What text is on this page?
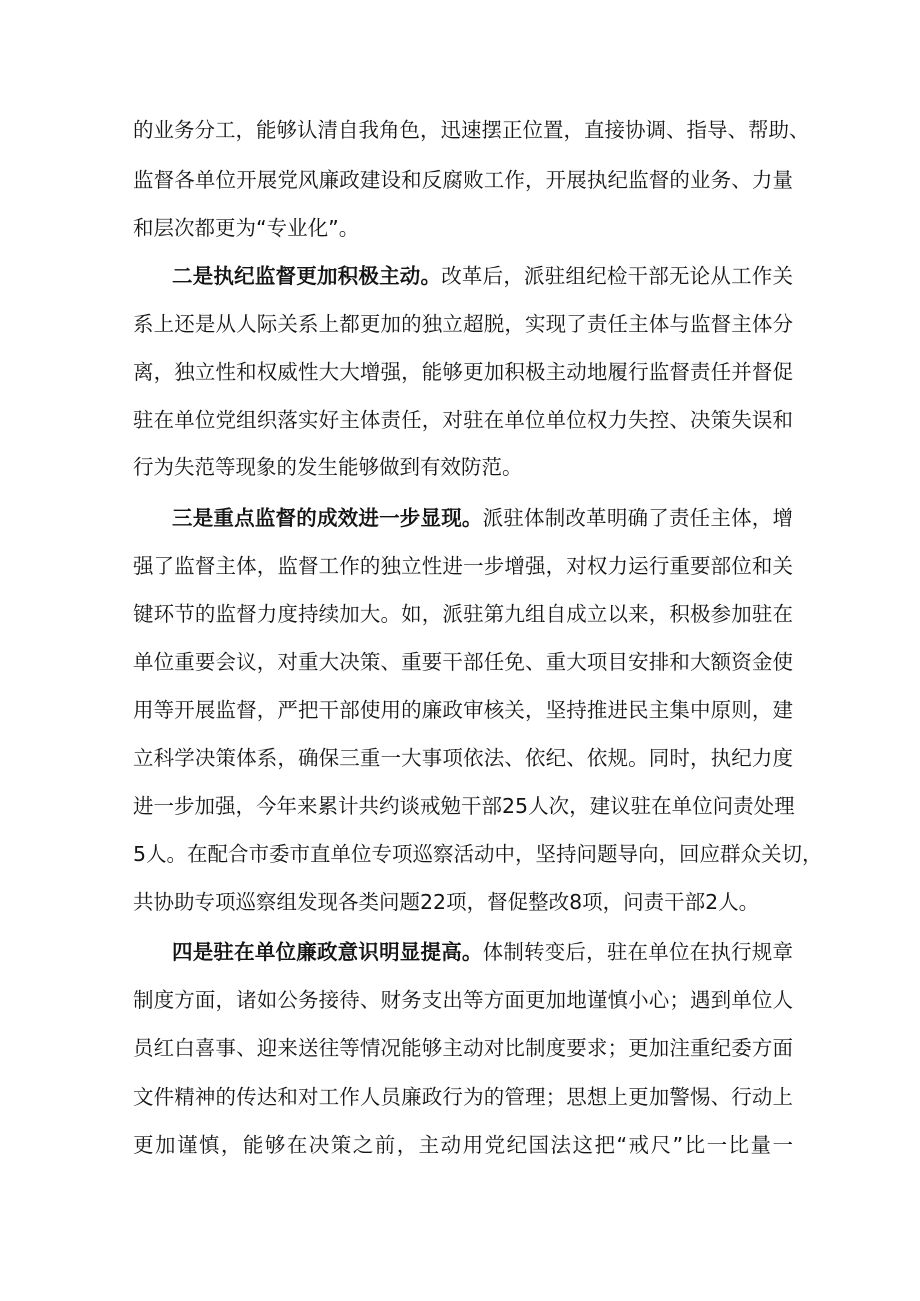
的业务分工，能够认清自我角色，迅速摆正位置，直接协调、指导、帮助、
监督各单位开展党风廉政建设和反腐败工作，开展执纪监督的业务、力量
和层次都更为“专业化”。
二是执纪监督更加积极主动。改革后，派驻组纪检干部无论从工作关
系上还是从人际关系上都更加的独立超脱，实现了责任主体与监督主体分
离，独立性和权威性大大增强，能够更加积极主动地履行监督责任并督促
驻在单位党组织落实好主体责任，对驻在单位单位权力失控、决策失误和
行为失范等现象的发生能够做到有效防范。
三是重点监督的成效进一步显现。派驻体制改革明确了责任主体，增
强了监督主体，监督工作的独立性进一步增强，对权力运行重要部位和关
键环节的监督力度持续加大。如，派驻第九组自成立以来，积极参加驻在
单位重要会议，对重大决策、重要干部任免、重大项目安排和大额资金使
用等开展监督，严把干部使用的廉政审核关，坚持推进民主集中原则，建
立科学决策体系，确保三重一大事项依法、依纪、依规。同时，执纪力度
进一步加强，今年来累计共约谈戒勉干部25人次，建议驻在单位问责处理
5人。在配合市委市直单位专项巡察活动中，坚持问题导向，回应群众关切，
共协助专项巡察组发现各类问题22项，督促整改8项，问责干部2人。
四是驻在单位廉政意识明显提高。体制转变后，驻在单位在执行规章
制度方面，诸如公务接待、财务支出等方面更加地谨慎小心；遇到单位人
员红白喜事、迎来送往等情况能够主动对比制度要求；更加注重纪委方面
文件精神的传达和对工作人员廉政行为的管理；思想上更加警惕、行动上
更加谨慎，能够在决策之前，主动用党纪国法这把“戒尺”比一比量一
